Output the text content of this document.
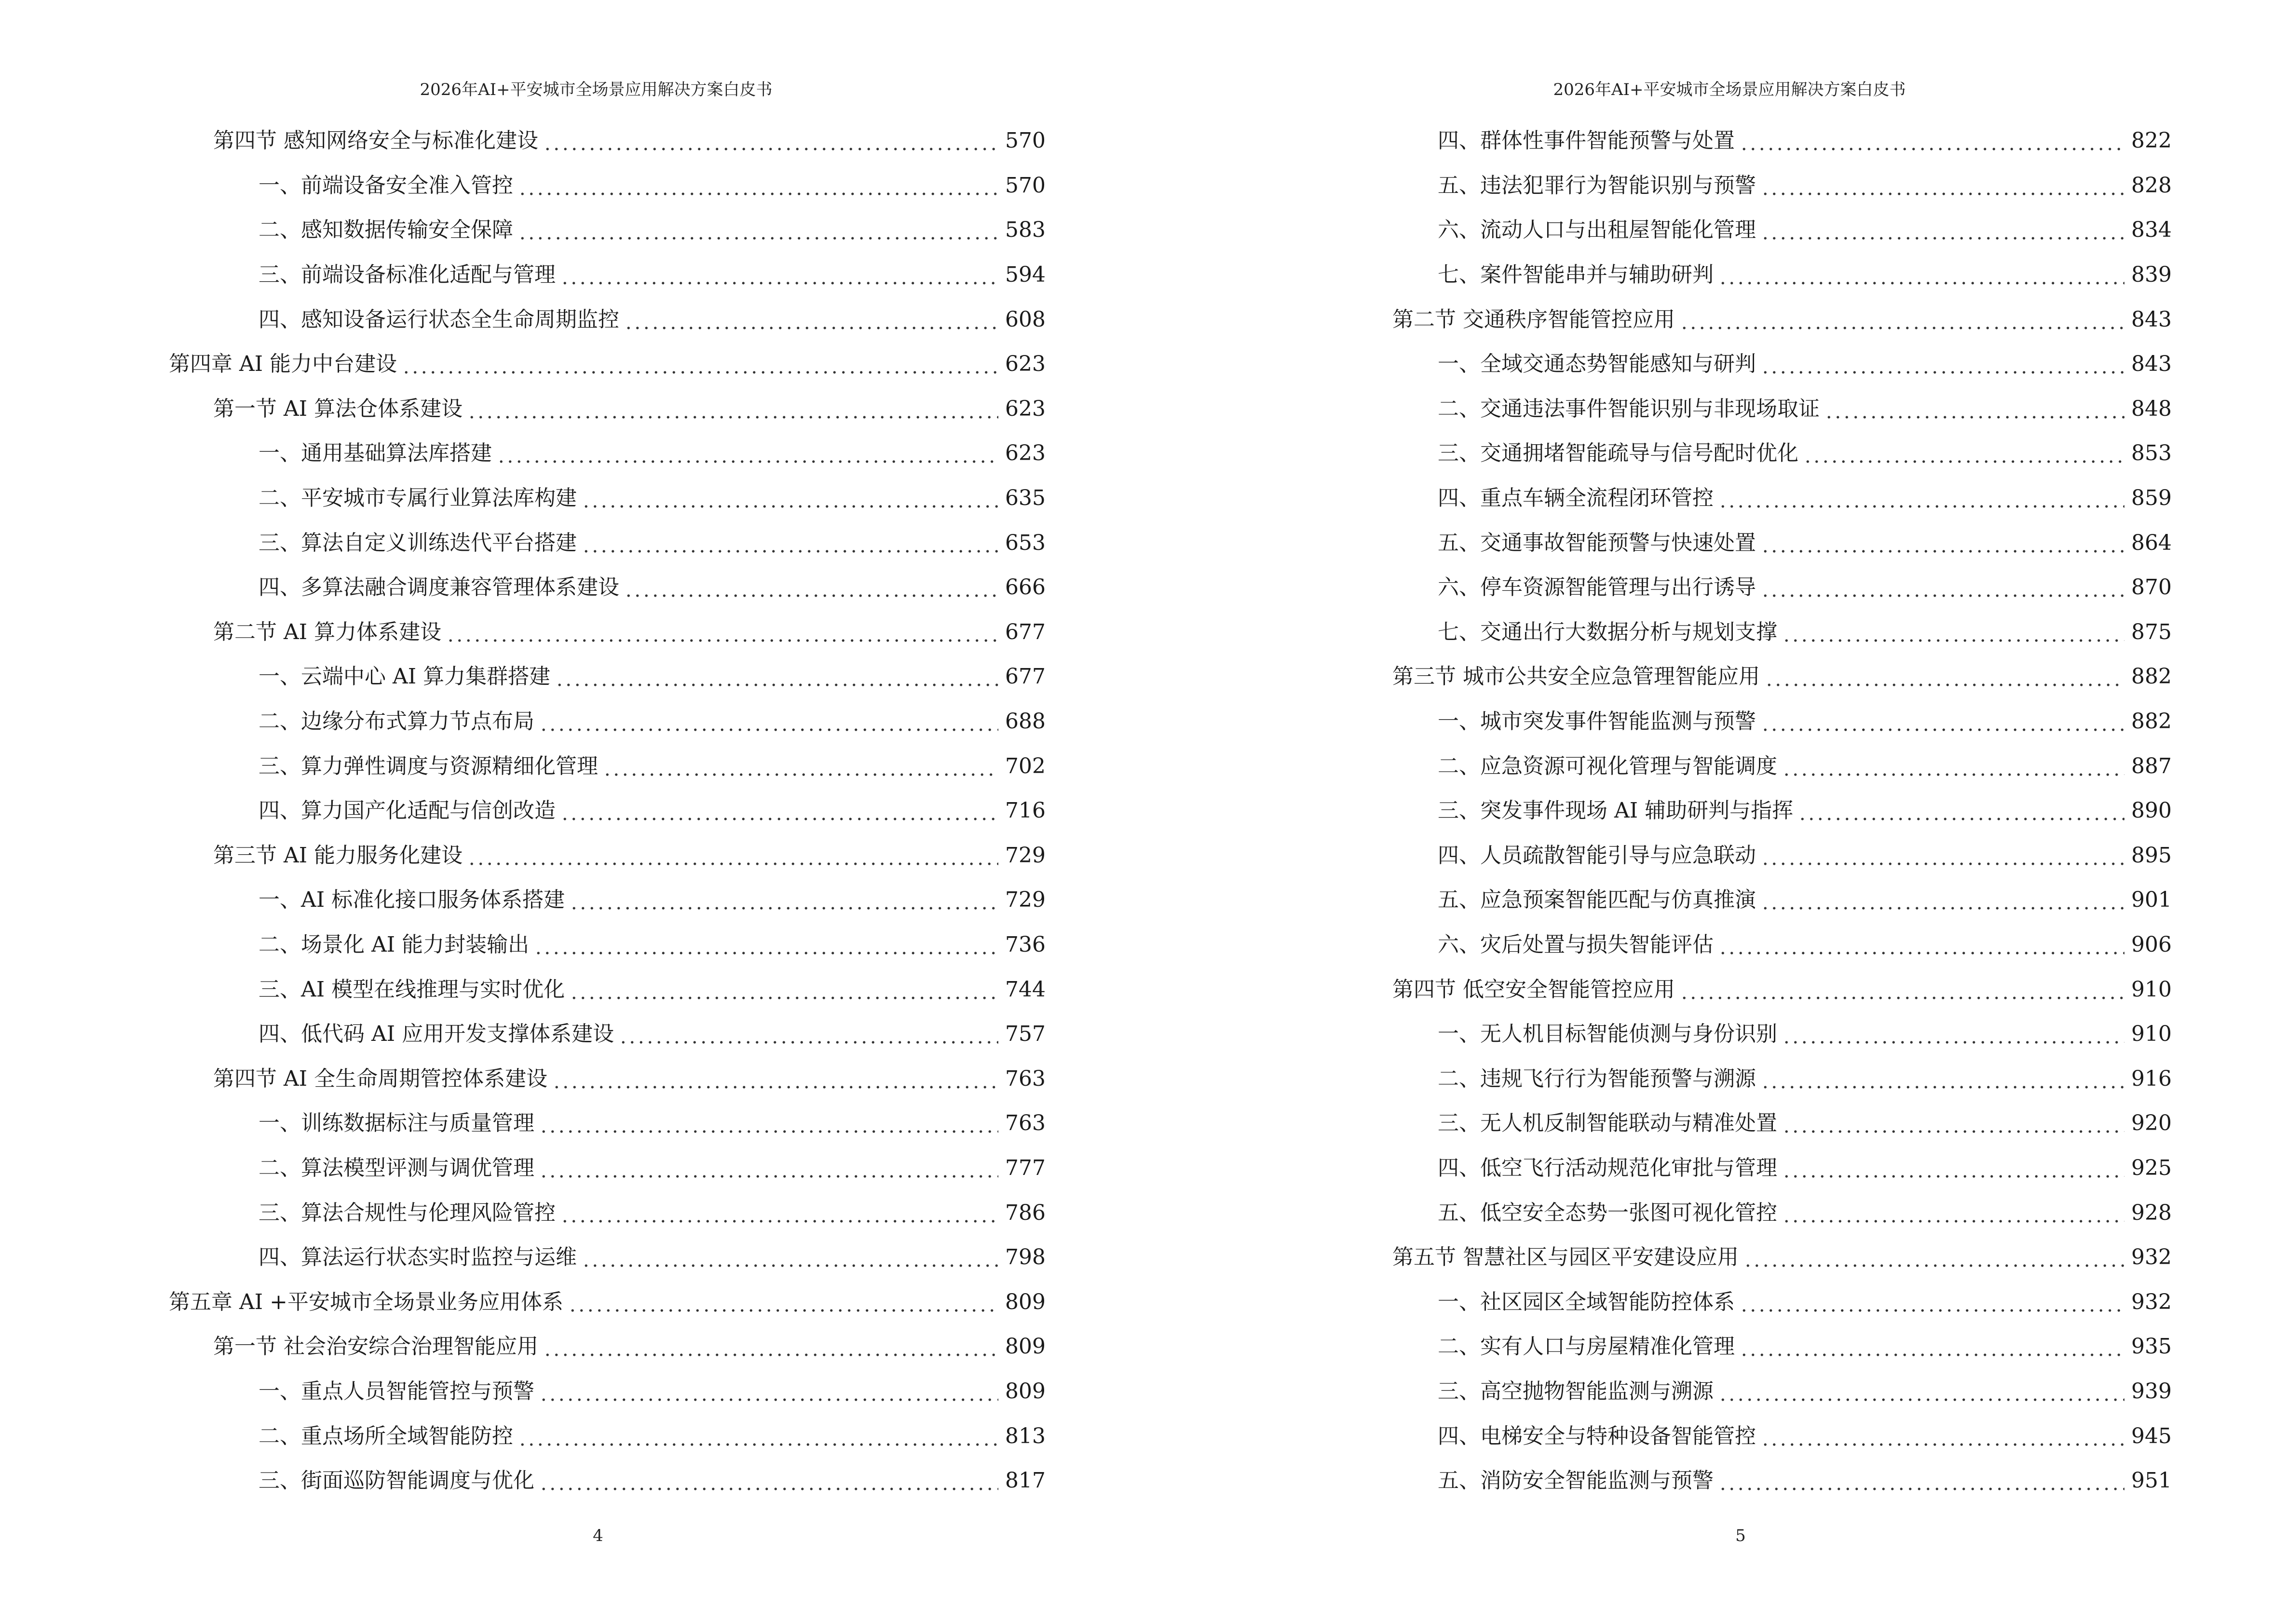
2026年AI+平安城市全场景应用解决方案白皮书
第四节 感知网络安全与标准化建设	570
一、前端设备安全准入管控	570
二、感知数据传输安全保障	583
三、前端设备标准化适配与管理	594
四、感知设备运行状态全生命周期监控	608
第四章 AI 能力中台建设	623
第一节 AI 算法仓体系建设	623
一、通用基础算法库搭建	623
二、平安城市专属行业算法库构建	635
三、算法自定义训练迭代平台搭建	653
四、多算法融合调度兼容管理体系建设	666
第二节 AI 算力体系建设	677
一、云端中心 AI 算力集群搭建	677
二、边缘分布式算力节点布局	688
三、算力弹性调度与资源精细化管理	702
四、算力国产化适配与信创改造	716
第三节 AI 能力服务化建设	729
一、AI 标准化接口服务体系搭建	729
二、场景化 AI 能力封装输出	736
三、AI 模型在线推理与实时优化	744
四、低代码 AI 应用开发支撑体系建设	757
第四节 AI 全生命周期管控体系建设	763
一、训练数据标注与质量管理	763
二、算法模型评测与调优管理	777
三、算法合规性与伦理风险管控	786
四、算法运行状态实时监控与运维	798
第五章 AI +平安城市全场景业务应用体系	809
第一节 社会治安综合治理智能应用	809
一、重点人员智能管控与预警	809
二、重点场所全域智能防控	813
三、街面巡防智能调度与优化	817
4
2026年AI+平安城市全场景应用解决方案白皮书
四、群体性事件智能预警与处置	822
五、违法犯罪行为智能识别与预警	828
六、流动人口与出租屋智能化管理	834
七、案件智能串并与辅助研判	839
第二节 交通秩序智能管控应用	843
一、全域交通态势智能感知与研判	843
二、交通违法事件智能识别与非现场取证	848
三、交通拥堵智能疏导与信号配时优化	853
四、重点车辆全流程闭环管控	859
五、交通事故智能预警与快速处置	864
六、停车资源智能管理与出行诱导	870
七、交通出行大数据分析与规划支撑	875
第三节 城市公共安全应急管理智能应用	882
一、城市突发事件智能监测与预警	882
二、应急资源可视化管理与智能调度	887
三、突发事件现场 AI 辅助研判与指挥	890
四、人员疏散智能引导与应急联动	895
五、应急预案智能匹配与仿真推演	901
六、灾后处置与损失智能评估	906
第四节 低空安全智能管控应用	910
一、无人机目标智能侦测与身份识别	910
二、违规飞行行为智能预警与溯源	916
三、无人机反制智能联动与精准处置	920
四、低空飞行活动规范化审批与管理	925
五、低空安全态势一张图可视化管控	928
第五节 智慧社区与园区平安建设应用	932
一、社区园区全域智能防控体系	932
二、实有人口与房屋精准化管理	935
三、高空抛物智能监测与溯源	939
四、电梯安全与特种设备智能管控	945
五、消防安全智能监测与预警	951
5
